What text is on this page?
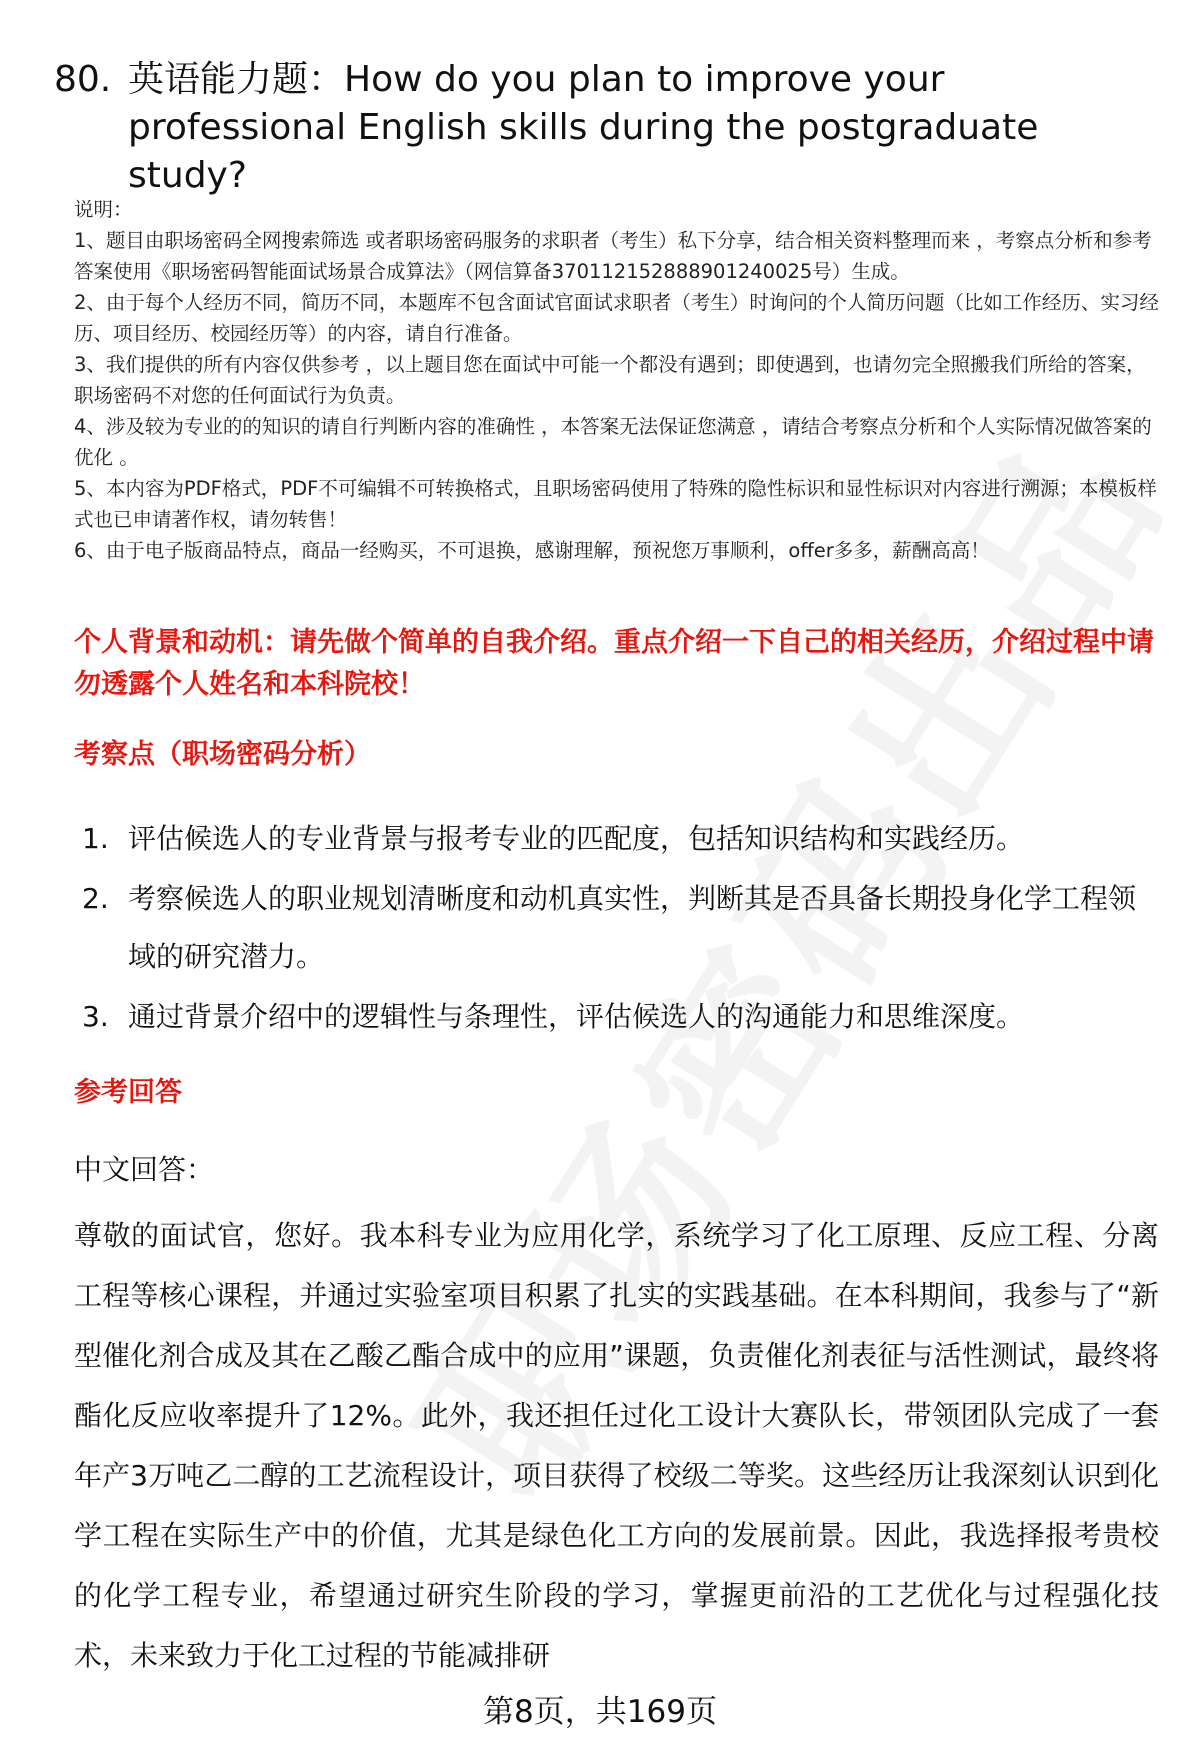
80. 英语能力题：How do you plan to improve your professional English skills during the postgraduate study?

说明：

1、题目由职场密码全网搜索筛选 或者职场密码服务的求职者（考生）私下分享，结合相关资料整理而来 ，考察点分析和参考答案使用《职场密码智能面试场景合成算法》（网信算备370112152888901240025号）生成。

2、由于每个人经历不同，简历不同，本题库不包含面试官面试求职者（考生）时询问的个人简历问题（比如工作经历、实习经历、项目经历、校园经历等）的内容，请自行准备。

3、我们提供的所有内容仅供参考 ，以上题目您在面试中可能一个都没有遇到；即使遇到，也请勿完全照搬我们所给的答案，职场密码不对您的任何面试行为负责。

4、涉及较为专业的的知识的请自行判断内容的准确性 ，本答案无法保证您满意 ，请结合考察点分析和个人实际情况做答案的优化 。

5、本内容为PDF格式，PDF不可编辑不可转换格式，且职场密码使用了特殊的隐性标识和显性标识对内容进行溯源；本模板样式也已申请著作权，请勿转售！

6、由于电子版商品特点，商品一经购买，不可退换，感谢理解，预祝您万事顺利，offer多多，薪酬高高！

个人背景和动机：请先做个简单的自我介绍。重点介绍一下自己的相关经历，介绍过程中请勿透露个人姓名和本科院校！
考察点（职场密码分析）
1. 评估候选人的专业背景与报考专业的匹配度，包括知识结构和实践经历。
2. 考察候选人的职业规划清晰度和动机真实性，判断其是否具备长期投身化学工程领域的研究潜力。
3. 通过背景介绍中的逻辑性与条理性，评估候选人的沟通能力和思维深度。
参考回答
中文回答：
尊敬的面试官，您好。我本科专业为应用化学，系统学习了化工原理、反应工程、分离工程等核心课程，并通过实验室项目积累了扎实的实践基础。在本科期间，我参与了“新型催化剂合成及其在乙酸乙酯合成中的应用”课题，负责催化剂表征与活性测试，最终将酯化反应收率提升了12%。此外，我还担任过化工设计大赛队长，带领团队完成了一套年产3万吨乙二醇的工艺流程设计，项目获得了校级二等奖。这些经历让我深刻认识到化学工程在实际生产中的价值，尤其是绿色化工方向的发展前景。因此，我选择报考贵校的化学工程专业，希望通过研究生阶段的学习，掌握更前沿的工艺优化与过程强化技术，未来致力于化工过程的节能减排研
第8页，共169页
